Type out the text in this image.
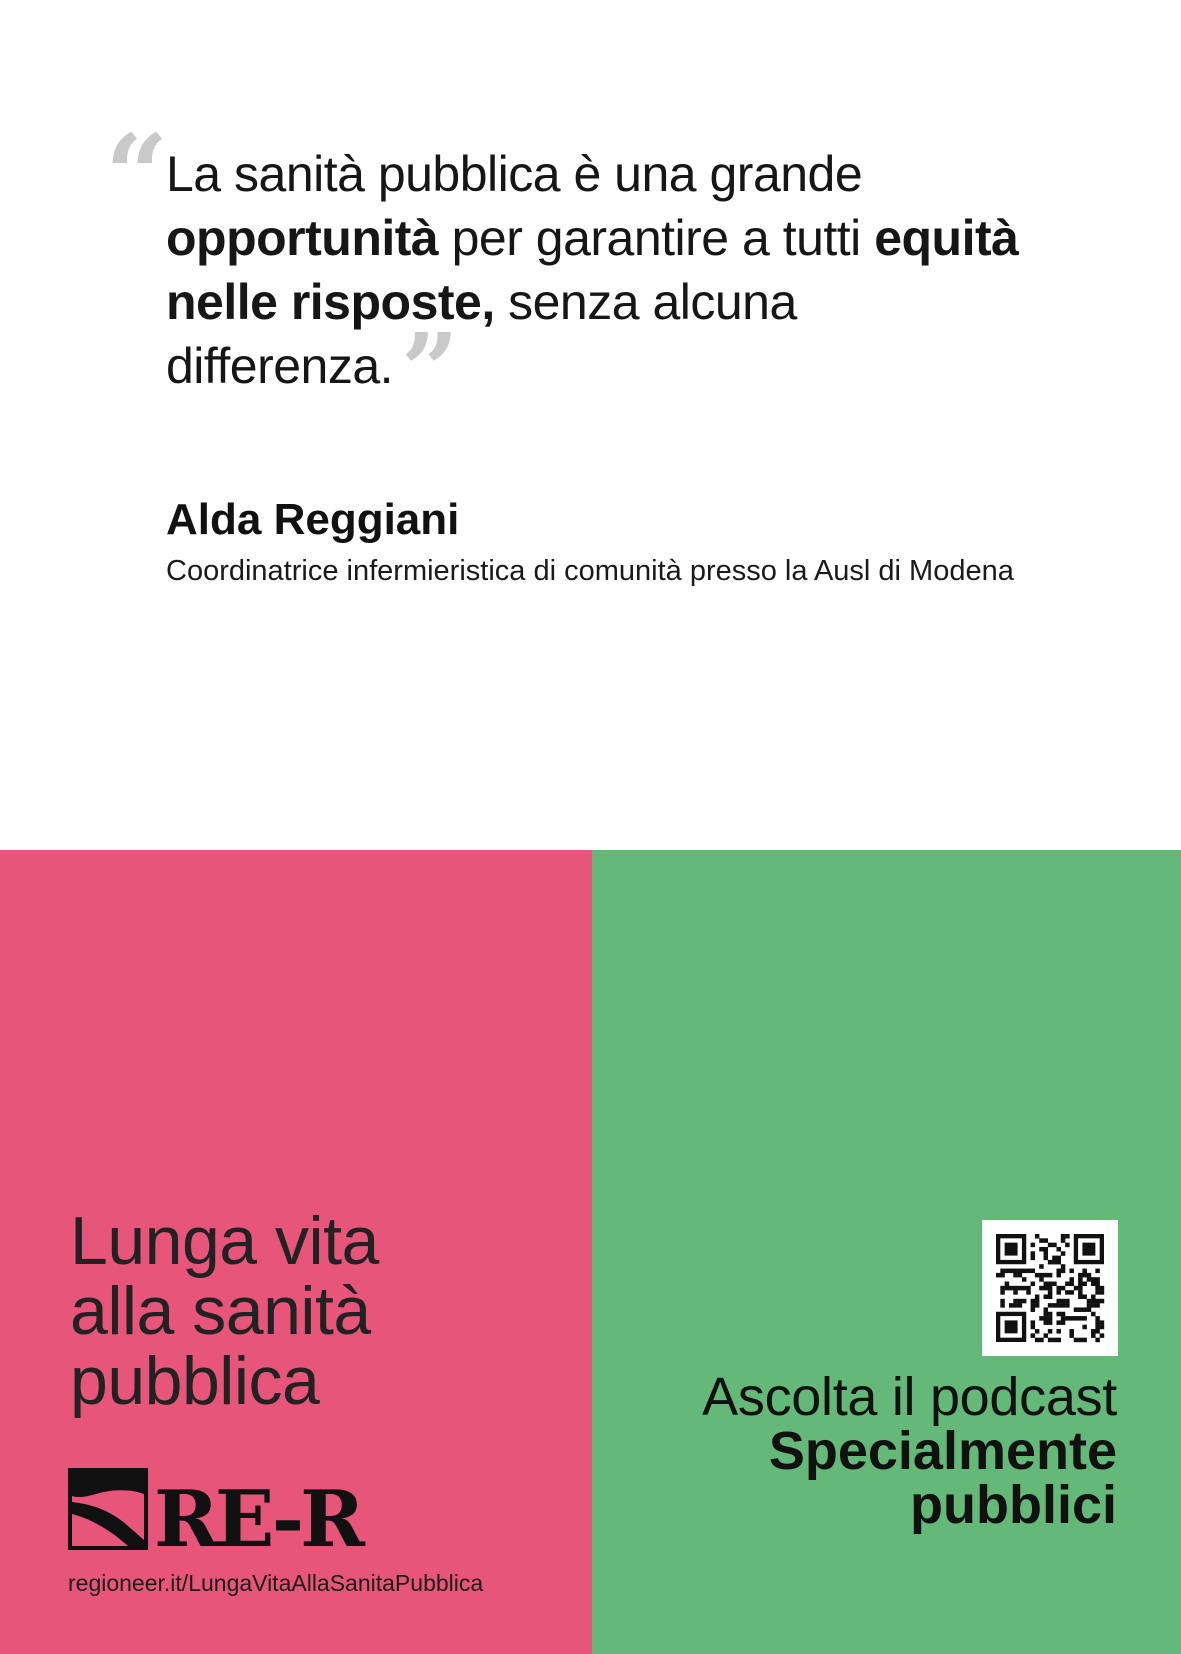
“
La sanità pubblica è una grande opportunità per garantire a tutti equità nelle risposte, senza alcuna differenza.”
Alda Reggiani
Coordinatrice infermieristica di comunità presso la Ausl di Modena
Lunga vita
alla sanità
pubblica
RE-R
regioneer.it/LungaVitaAllaSanitaPubblica
Ascolta il podcast
Specialmente
pubblici
